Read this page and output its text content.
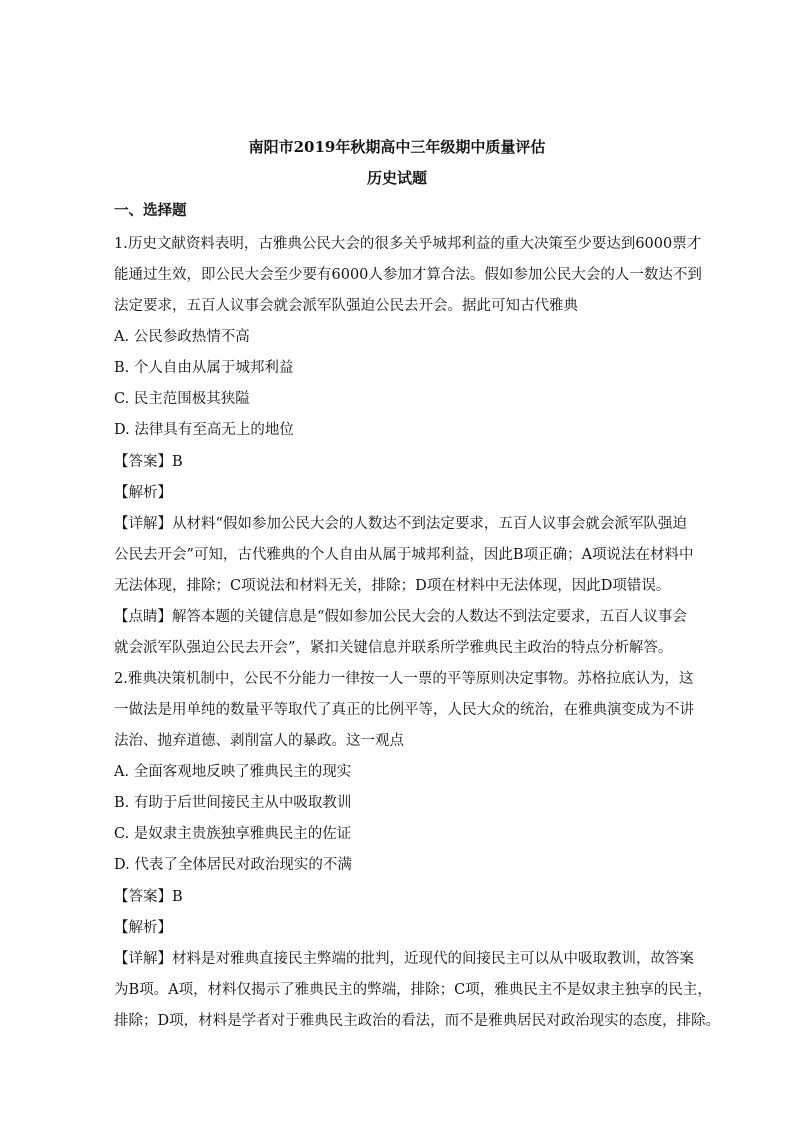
南阳市2019年秋期高中三年级期中质量评估
历史试题
一、选择题
1.历史文献资料表明，古雅典公民大会的很多关乎城邦利益的重大决策至少要达到6000票才
能通过生效，即公民大会至少要有6000人参加才算合法。假如参加公民大会的人一数达不到
法定要求，五百人议事会就会派军队强迫公民去开会。据此可知古代雅典
A. 公民参政热情不高
B. 个人自由从属于城邦利益
C. 民主范围极其狭隘
D. 法律具有至高无上的地位
【答案】B
【解析】
【详解】从材料“假如参加公民大会的人数达不到法定要求，五百人议事会就会派军队强迫
公民去开会”可知，古代雅典的个人自由从属于城邦利益，因此B项正确；A项说法在材料中
无法体现，排除；C项说法和材料无关，排除；D项在材料中无法体现，因此D项错误。
【点睛】解答本题的关键信息是“假如参加公民大会的人数达不到法定要求，五百人议事会
就会派军队强迫公民去开会”，紧扣关键信息并联系所学雅典民主政治的特点分析解答。
2.雅典决策机制中，公民不分能力一律按一人一票的平等原则决定事物。苏格拉底认为，这
一做法是用单纯的数量平等取代了真正的比例平等，人民大众的统治，在雅典演变成为不讲
法治、抛弃道德、剥削富人的暴政。这一观点
A. 全面客观地反映了雅典民主的现实
B. 有助于后世间接民主从中吸取教训
C. 是奴隶主贵族独享雅典民主的佐证
D. 代表了全体居民对政治现实的不满
【答案】B
【解析】
【详解】材料是对雅典直接民主弊端的批判，近现代的间接民主可以从中吸取教训，故答案
为B项。A项，材料仅揭示了雅典民主的弊端，排除；C项，雅典民主不是奴隶主独享的民主，
排除；D项，材料是学者对于雅典民主政治的看法，而不是雅典居民对政治现实的态度，排除。
